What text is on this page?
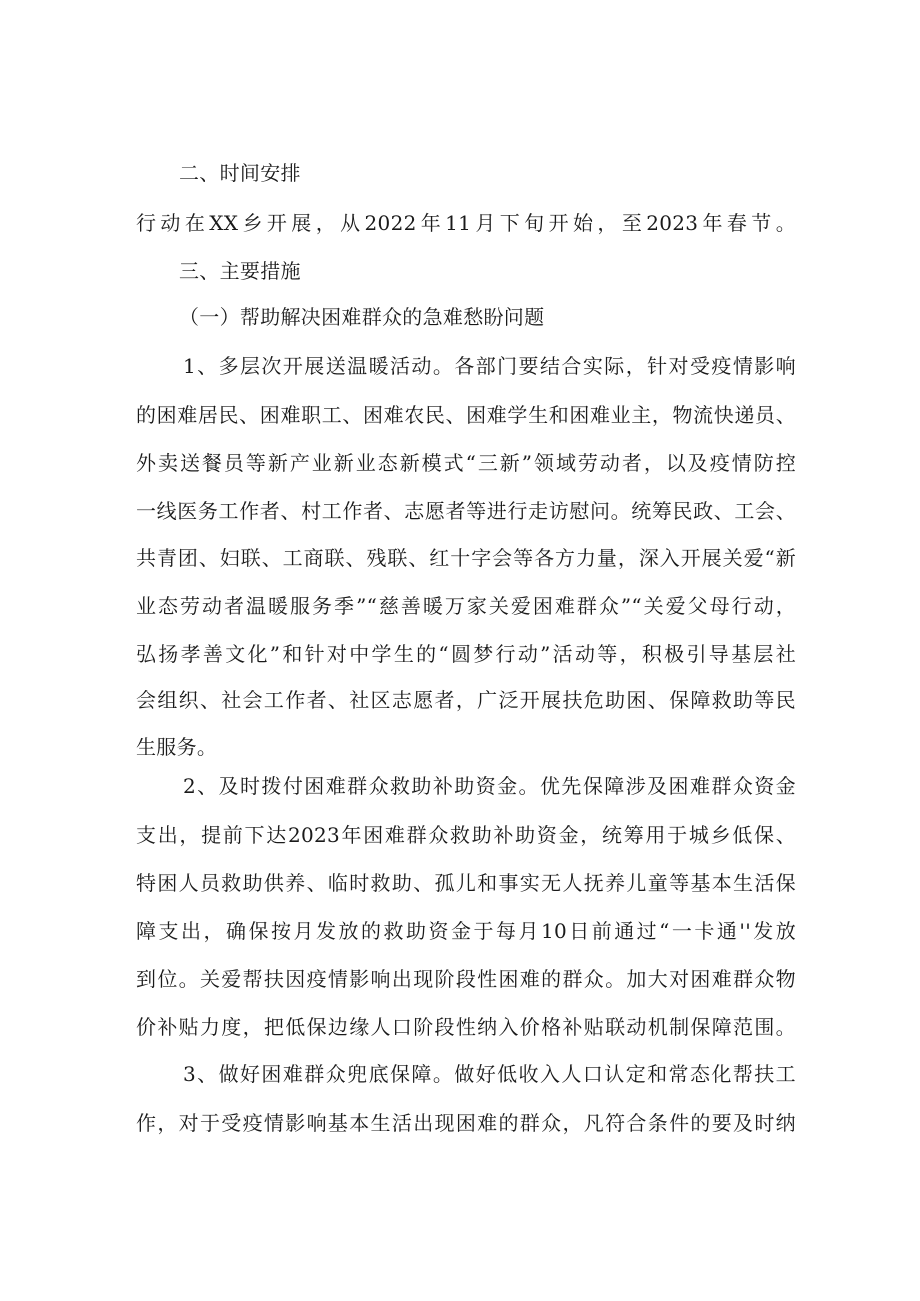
二、时间安排
行动在XX乡开展，从2022年11月下旬开始，至2023年春节。
三、主要措施
（一）帮助解决困难群众的急难愁盼问题
1、多层次开展送温暖活动。各部门要结合实际，针对受疫情影响
的困难居民、困难职工、困难农民、困难学生和困难业主，物流快递员、
外卖送餐员等新产业新业态新模式“三新”领域劳动者，以及疫情防控
一线医务工作者、村工作者、志愿者等进行走访慰问。统筹民政、工会、
共青团、妇联、工商联、残联、红十字会等各方力量，深入开展关爱“新
业态劳动者温暖服务季”“慈善暖万家关爱困难群众”“关爱父母行动，
弘扬孝善文化”和针对中学生的“圆梦行动”活动等，积极引导基层社
会组织、社会工作者、社区志愿者，广泛开展扶危助困、保障救助等民
生服务。
2、及时拨付困难群众救助补助资金。优先保障涉及困难群众资金
支出，提前下达2023年困难群众救助补助资金，统筹用于城乡低保、
特困人员救助供养、临时救助、孤儿和事实无人抚养儿童等基本生活保
障支出，确保按月发放的救助资金于每月10日前通过“一卡通''发放
到位。关爱帮扶因疫情影响出现阶段性困难的群众。加大对困难群众物
价补贴力度，把低保边缘人口阶段性纳入价格补贴联动机制保障范围。
3、做好困难群众兜底保障。做好低收入人口认定和常态化帮扶工
作，对于受疫情影响基本生活出现困难的群众，凡符合条件的要及时纳
